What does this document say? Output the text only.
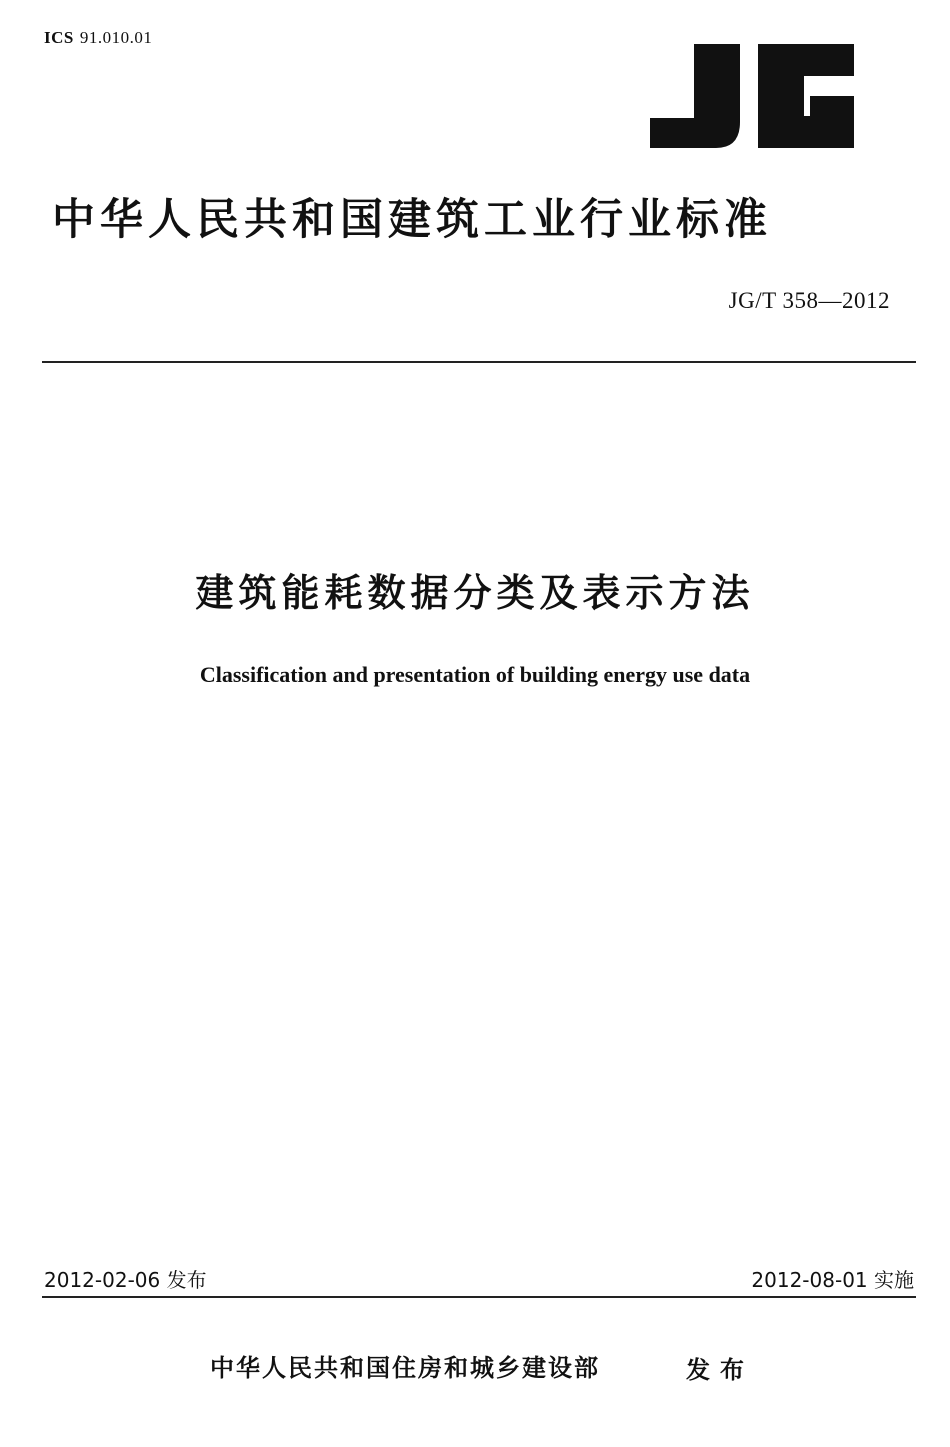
ICS 91.010.01
中华人民共和国建筑工业行业标准
JG/T 358—2012
建筑能耗数据分类及表示方法
Classification and presentation of building energy use data
2012-02-06 发布	2012-08-01 实施
中华人民共和国住房和城乡建设部	发布
